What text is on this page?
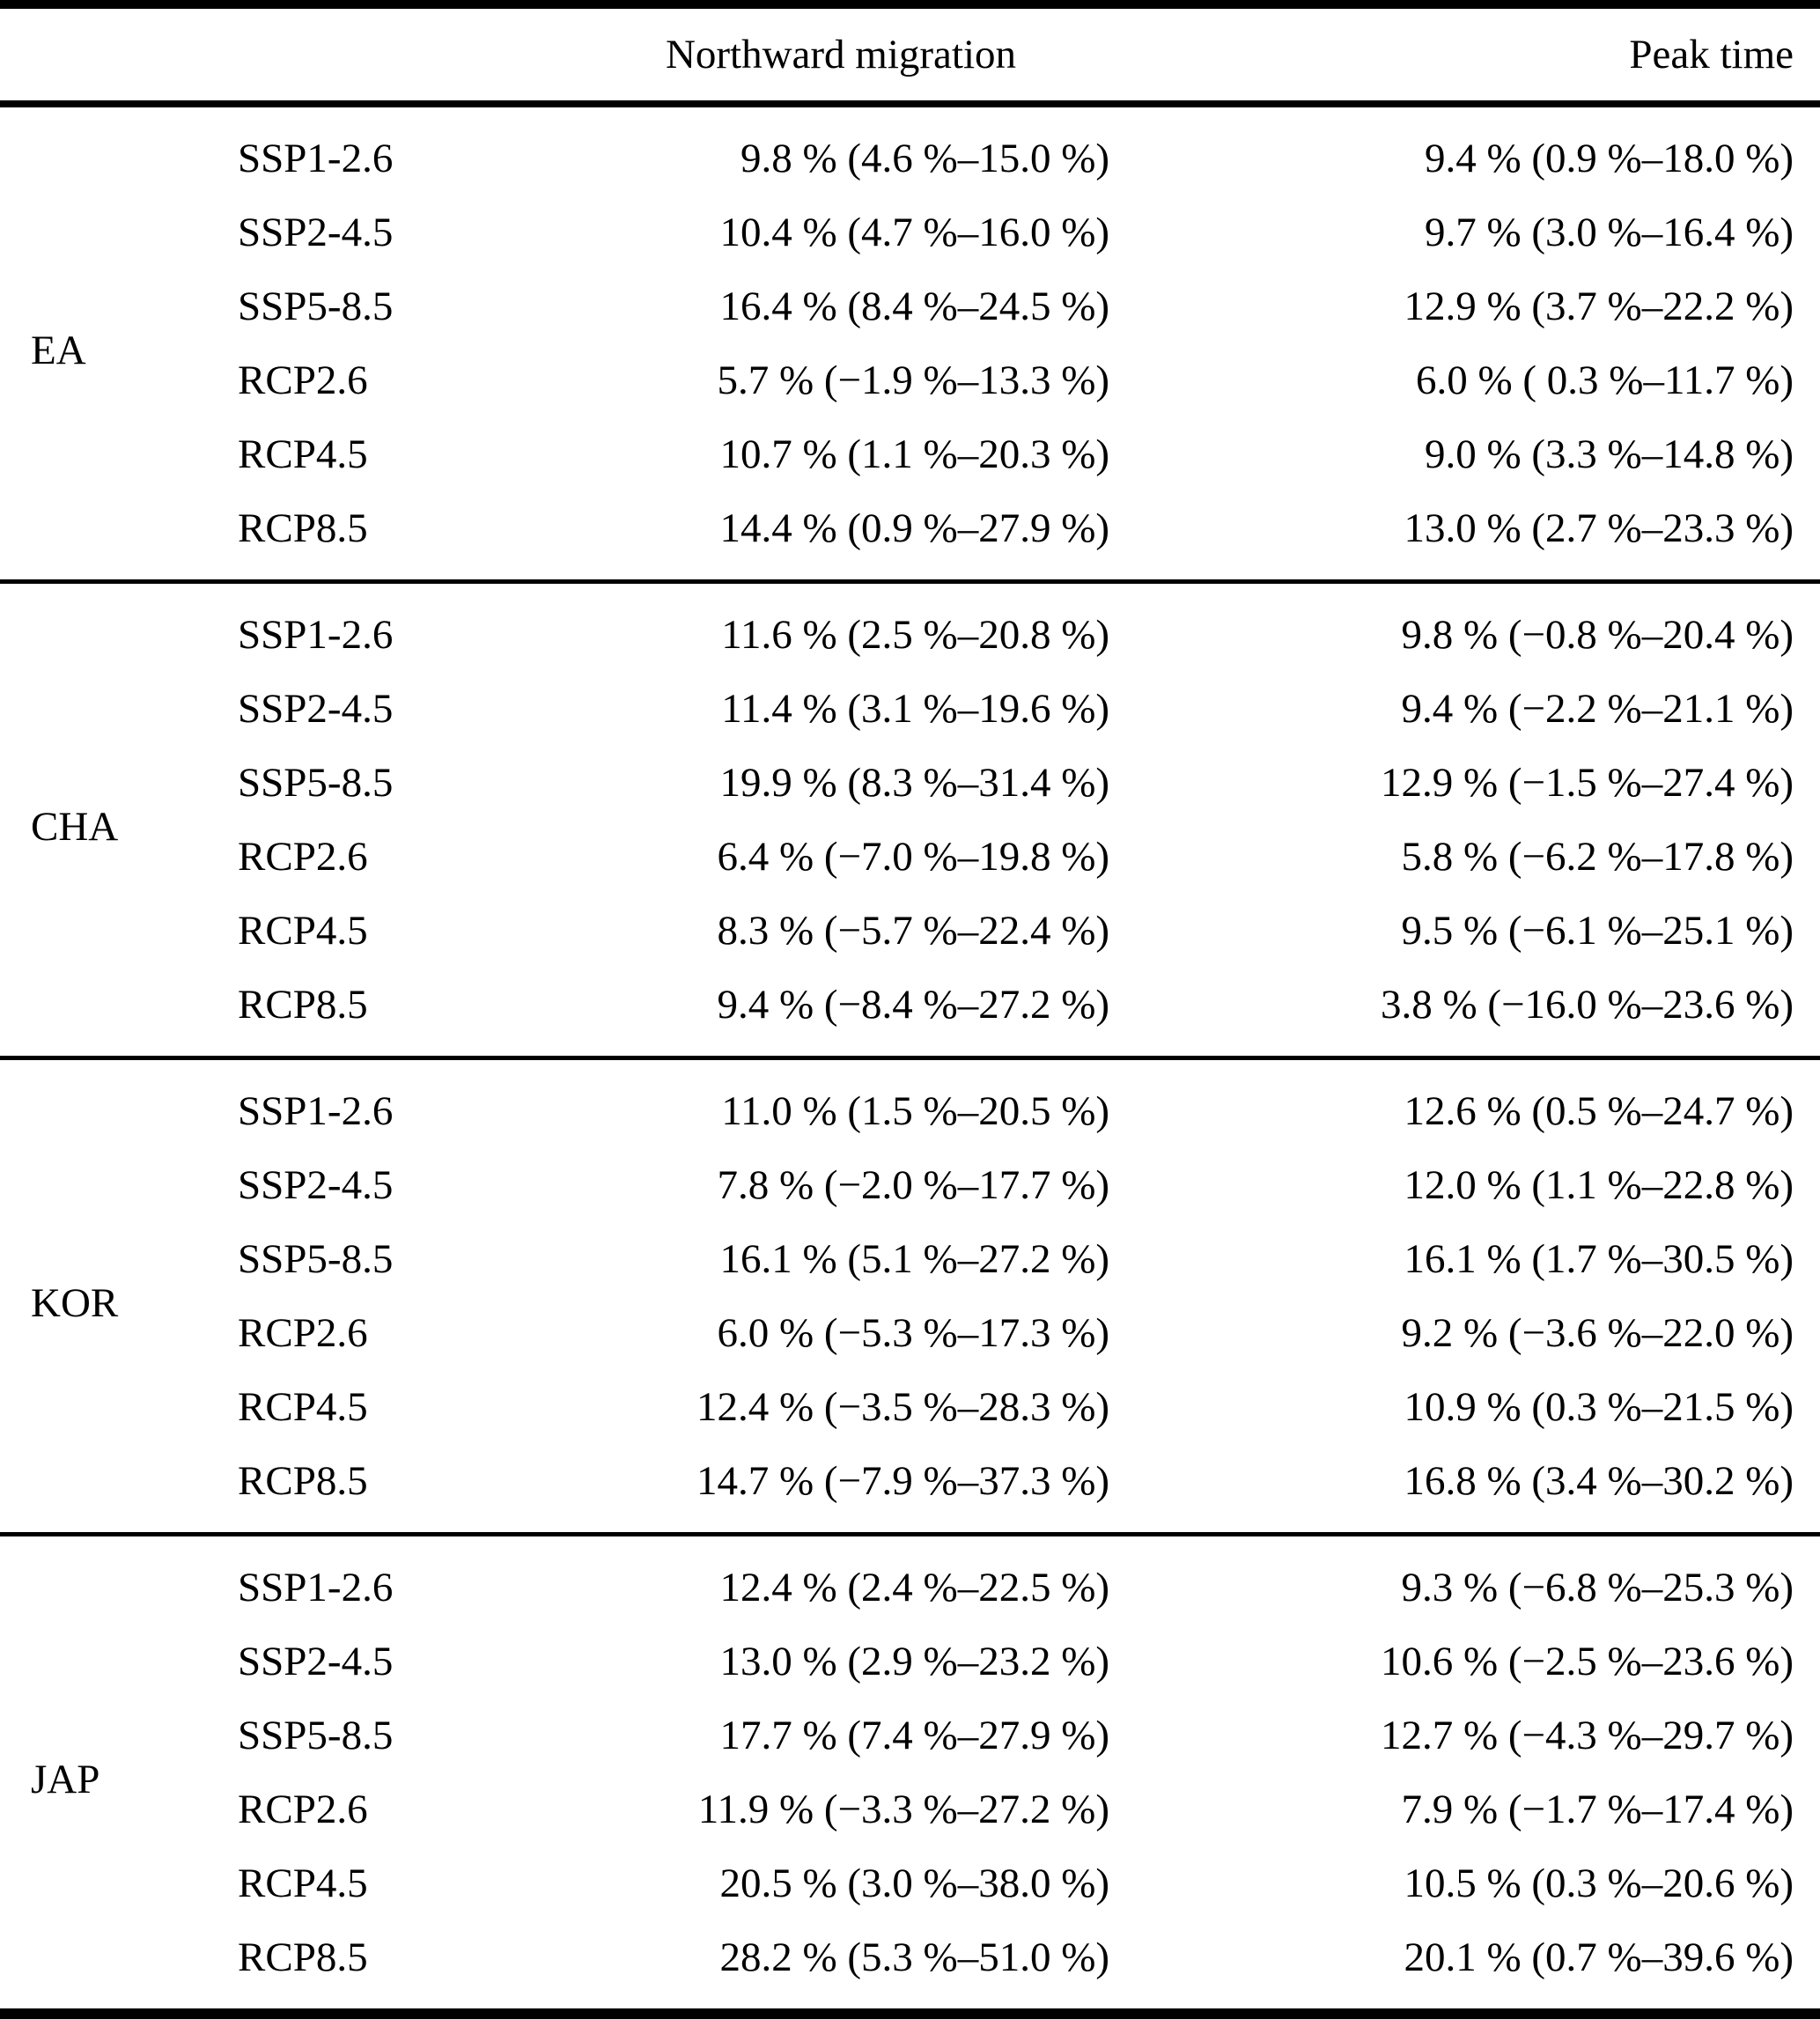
		Northward migration	Peak time
EA	SSP1-2.6	9.8 % (4.6 %–15.0 %)	9.4 % (0.9 %–18.0 %)
	SSP2-4.5	10.4 % (4.7 %–16.0 %)	9.7 % (3.0 %–16.4 %)
	SSP5-8.5	16.4 % (8.4 %–24.5 %)	12.9 % (3.7 %–22.2 %)
	RCP2.6	5.7 % (−1.9 %–13.3 %)	6.0 % ( 0.3 %–11.7 %)
	RCP4.5	10.7 % (1.1 %–20.3 %)	9.0 % (3.3 %–14.8 %)
	RCP8.5	14.4 % (0.9 %–27.9 %)	13.0 % (2.7 %–23.3 %)
CHA	SSP1-2.6	11.6 % (2.5 %–20.8 %)	9.8 % (−0.8 %–20.4 %)
	SSP2-4.5	11.4 % (3.1 %–19.6 %)	9.4 % (−2.2 %–21.1 %)
	SSP5-8.5	19.9 % (8.3 %–31.4 %)	12.9 % (−1.5 %–27.4 %)
	RCP2.6	6.4 % (−7.0 %–19.8 %)	5.8 % (−6.2 %–17.8 %)
	RCP4.5	8.3 % (−5.7 %–22.4 %)	9.5 % (−6.1 %–25.1 %)
	RCP8.5	9.4 % (−8.4 %–27.2 %)	3.8 % (−16.0 %–23.6 %)
KOR	SSP1-2.6	11.0 % (1.5 %–20.5 %)	12.6 % (0.5 %–24.7 %)
	SSP2-4.5	7.8 % (−2.0 %–17.7 %)	12.0 % (1.1 %–22.8 %)
	SSP5-8.5	16.1 % (5.1 %–27.2 %)	16.1 % (1.7 %–30.5 %)
	RCP2.6	6.0 % (−5.3 %–17.3 %)	9.2 % (−3.6 %–22.0 %)
	RCP4.5	12.4 % (−3.5 %–28.3 %)	10.9 % (0.3 %–21.5 %)
	RCP8.5	14.7 % (−7.9 %–37.3 %)	16.8 % (3.4 %–30.2 %)
JAP	SSP1-2.6	12.4 % (2.4 %–22.5 %)	9.3 % (−6.8 %–25.3 %)
	SSP2-4.5	13.0 % (2.9 %–23.2 %)	10.6 % (−2.5 %–23.6 %)
	SSP5-8.5	17.7 % (7.4 %–27.9 %)	12.7 % (−4.3 %–29.7 %)
	RCP2.6	11.9 % (−3.3 %–27.2 %)	7.9 % (−1.7 %–17.4 %)
	RCP4.5	20.5 % (3.0 %–38.0 %)	10.5 % (0.3 %–20.6 %)
	RCP8.5	28.2 % (5.3 %–51.0 %)	20.1 % (0.7 %–39.6 %)
